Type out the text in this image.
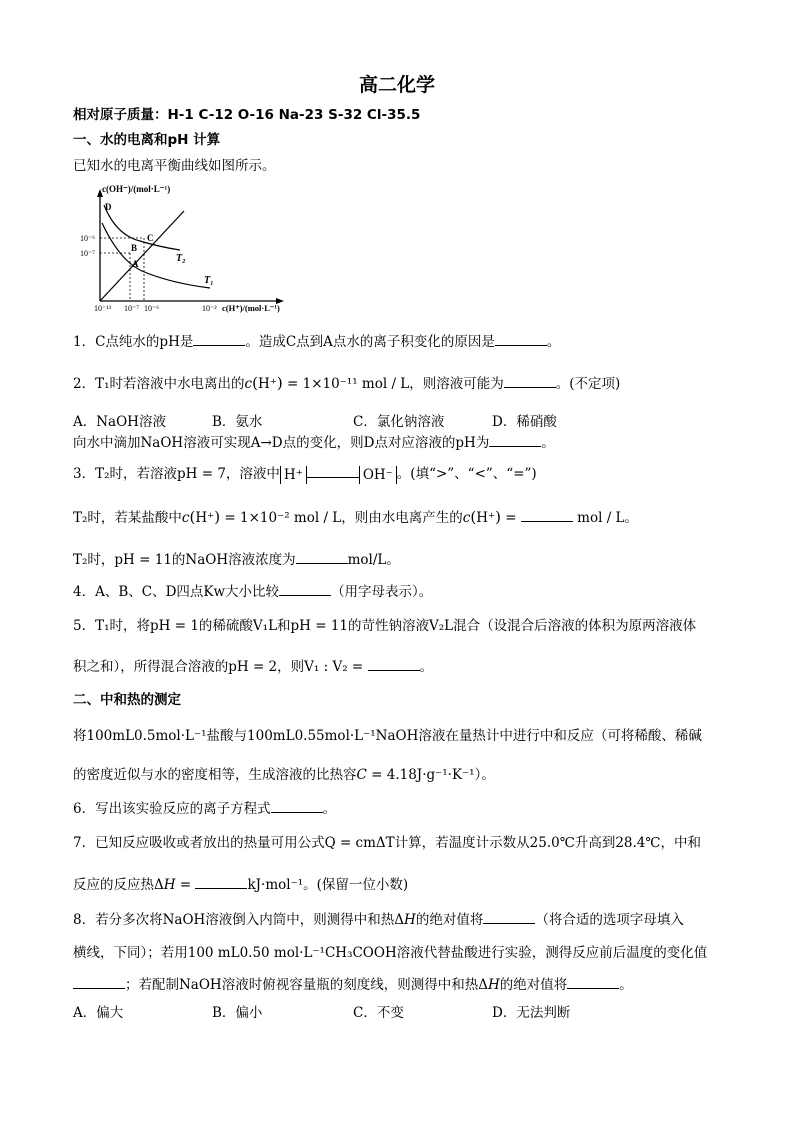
高二化学
相对原子质量：H-1 C-12 O-16 Na-23 S-32 Cl-35.5
一、水的电离和pH 计算
已知水的电离平衡曲线如图所示。
c(OH⁻)/(mol·L⁻¹)
c(H⁺)/(mol·L⁻¹)
10⁻⁶
10⁻⁷
10⁻¹³ 10⁻⁷ 10⁻⁶	10⁻²
D
C
B
A	T₂
T₁
1．C点纯水的pH是	。造成C点到A点水的离子积变化的原因是	。
2．T₁时若溶液中水电离出的c(H⁺) = 1×10⁻¹¹ mol / L，则溶液可能为	。(不定项)
A．NaOH溶液	B．氨水	C．氯化钠溶液	D．稀硝酸
向水中滴加NaOH溶液可实现A→D点的变化，则D点对应溶液的pH为	。
3．T₂时，若溶液pH = 7，溶液中 H⁺	OH⁻ 。(填“>”、“<”、“=”)
T₂时，若某盐酸中c(H⁺) = 1×10⁻² mol / L，则由水电离产生的c(H⁺) =	mol / L。
T₂时，pH = 11的NaOH溶液浓度为	mol/L。
4．A、B、C、D四点Kw大小比较	（用字母表示）。
5．T₁时，将pH = 1的稀硫酸V₁L和pH = 11的苛性钠溶液V₂L混合（设混合后溶液的体积为原两溶液体
积之和），所得混合溶液的pH = 2，则V₁ : V₂ =	。
二、中和热的测定
将100mL0.5mol·L⁻¹盐酸与100mL0.55mol·L⁻¹NaOH溶液在量热计中进行中和反应（可将稀酸、稀碱
的密度近似与水的密度相等，生成溶液的比热容C = 4.18J·g⁻¹·K⁻¹）。
6．写出该实验反应的离子方程式	。
7．已知反应吸收或者放出的热量可用公式Q = cmΔT计算，若温度计示数从25.0℃升高到28.4℃，中和
反应的反应热ΔH =	kJ·mol⁻¹。(保留一位小数)
8．若分多次将NaOH溶液倒入内筒中，则测得中和热ΔH的绝对值将	（将合适的选项字母填入
横线，下同）；若用100 mL0.50 mol·L⁻¹CH₃COOH溶液代替盐酸进行实验，测得反应前后温度的变化值
；若配制NaOH溶液时俯视容量瓶的刻度线，则测得中和热ΔH的绝对值将	。
A．偏大	B．偏小	C．不变	D．无法判断
